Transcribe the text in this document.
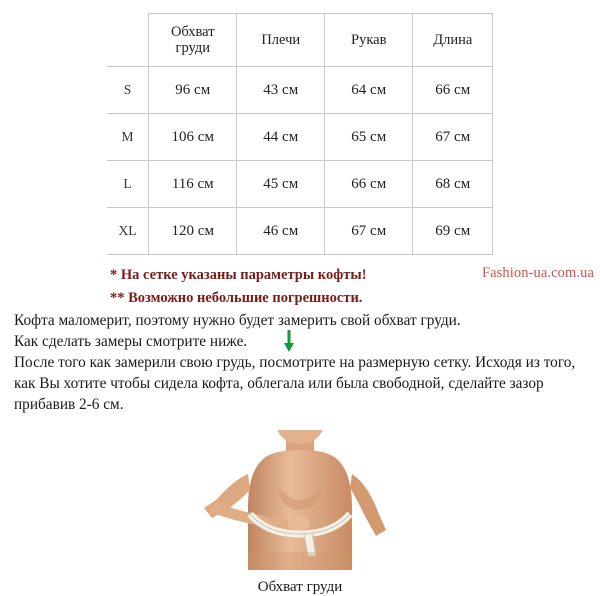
	Обхват груди	Плечи	Рукав	Длина
S	96 см	43 см	64 см	66 см
M	106 см	44 см	65 см	67 см
L	116 см	45 см	66 см	68 см
XL	120 см	46 см	67 см	69 см
* На сетке указаны параметры кофты!
** Возможно небольшие погрешности.
Fashion-ua.com.ua

Кофта маломерит, поэтому нужно будет замерить свой обхват груди.
Как сделать замеры смотрите ниже.

После того как замерили свою грудь, посмотрите на размерную сетку. Исходя из того, как Вы хотите чтобы сидела кофта, облегала или была свободной, сделайте зазор прибавив 2-6 см.

Обхват груди
